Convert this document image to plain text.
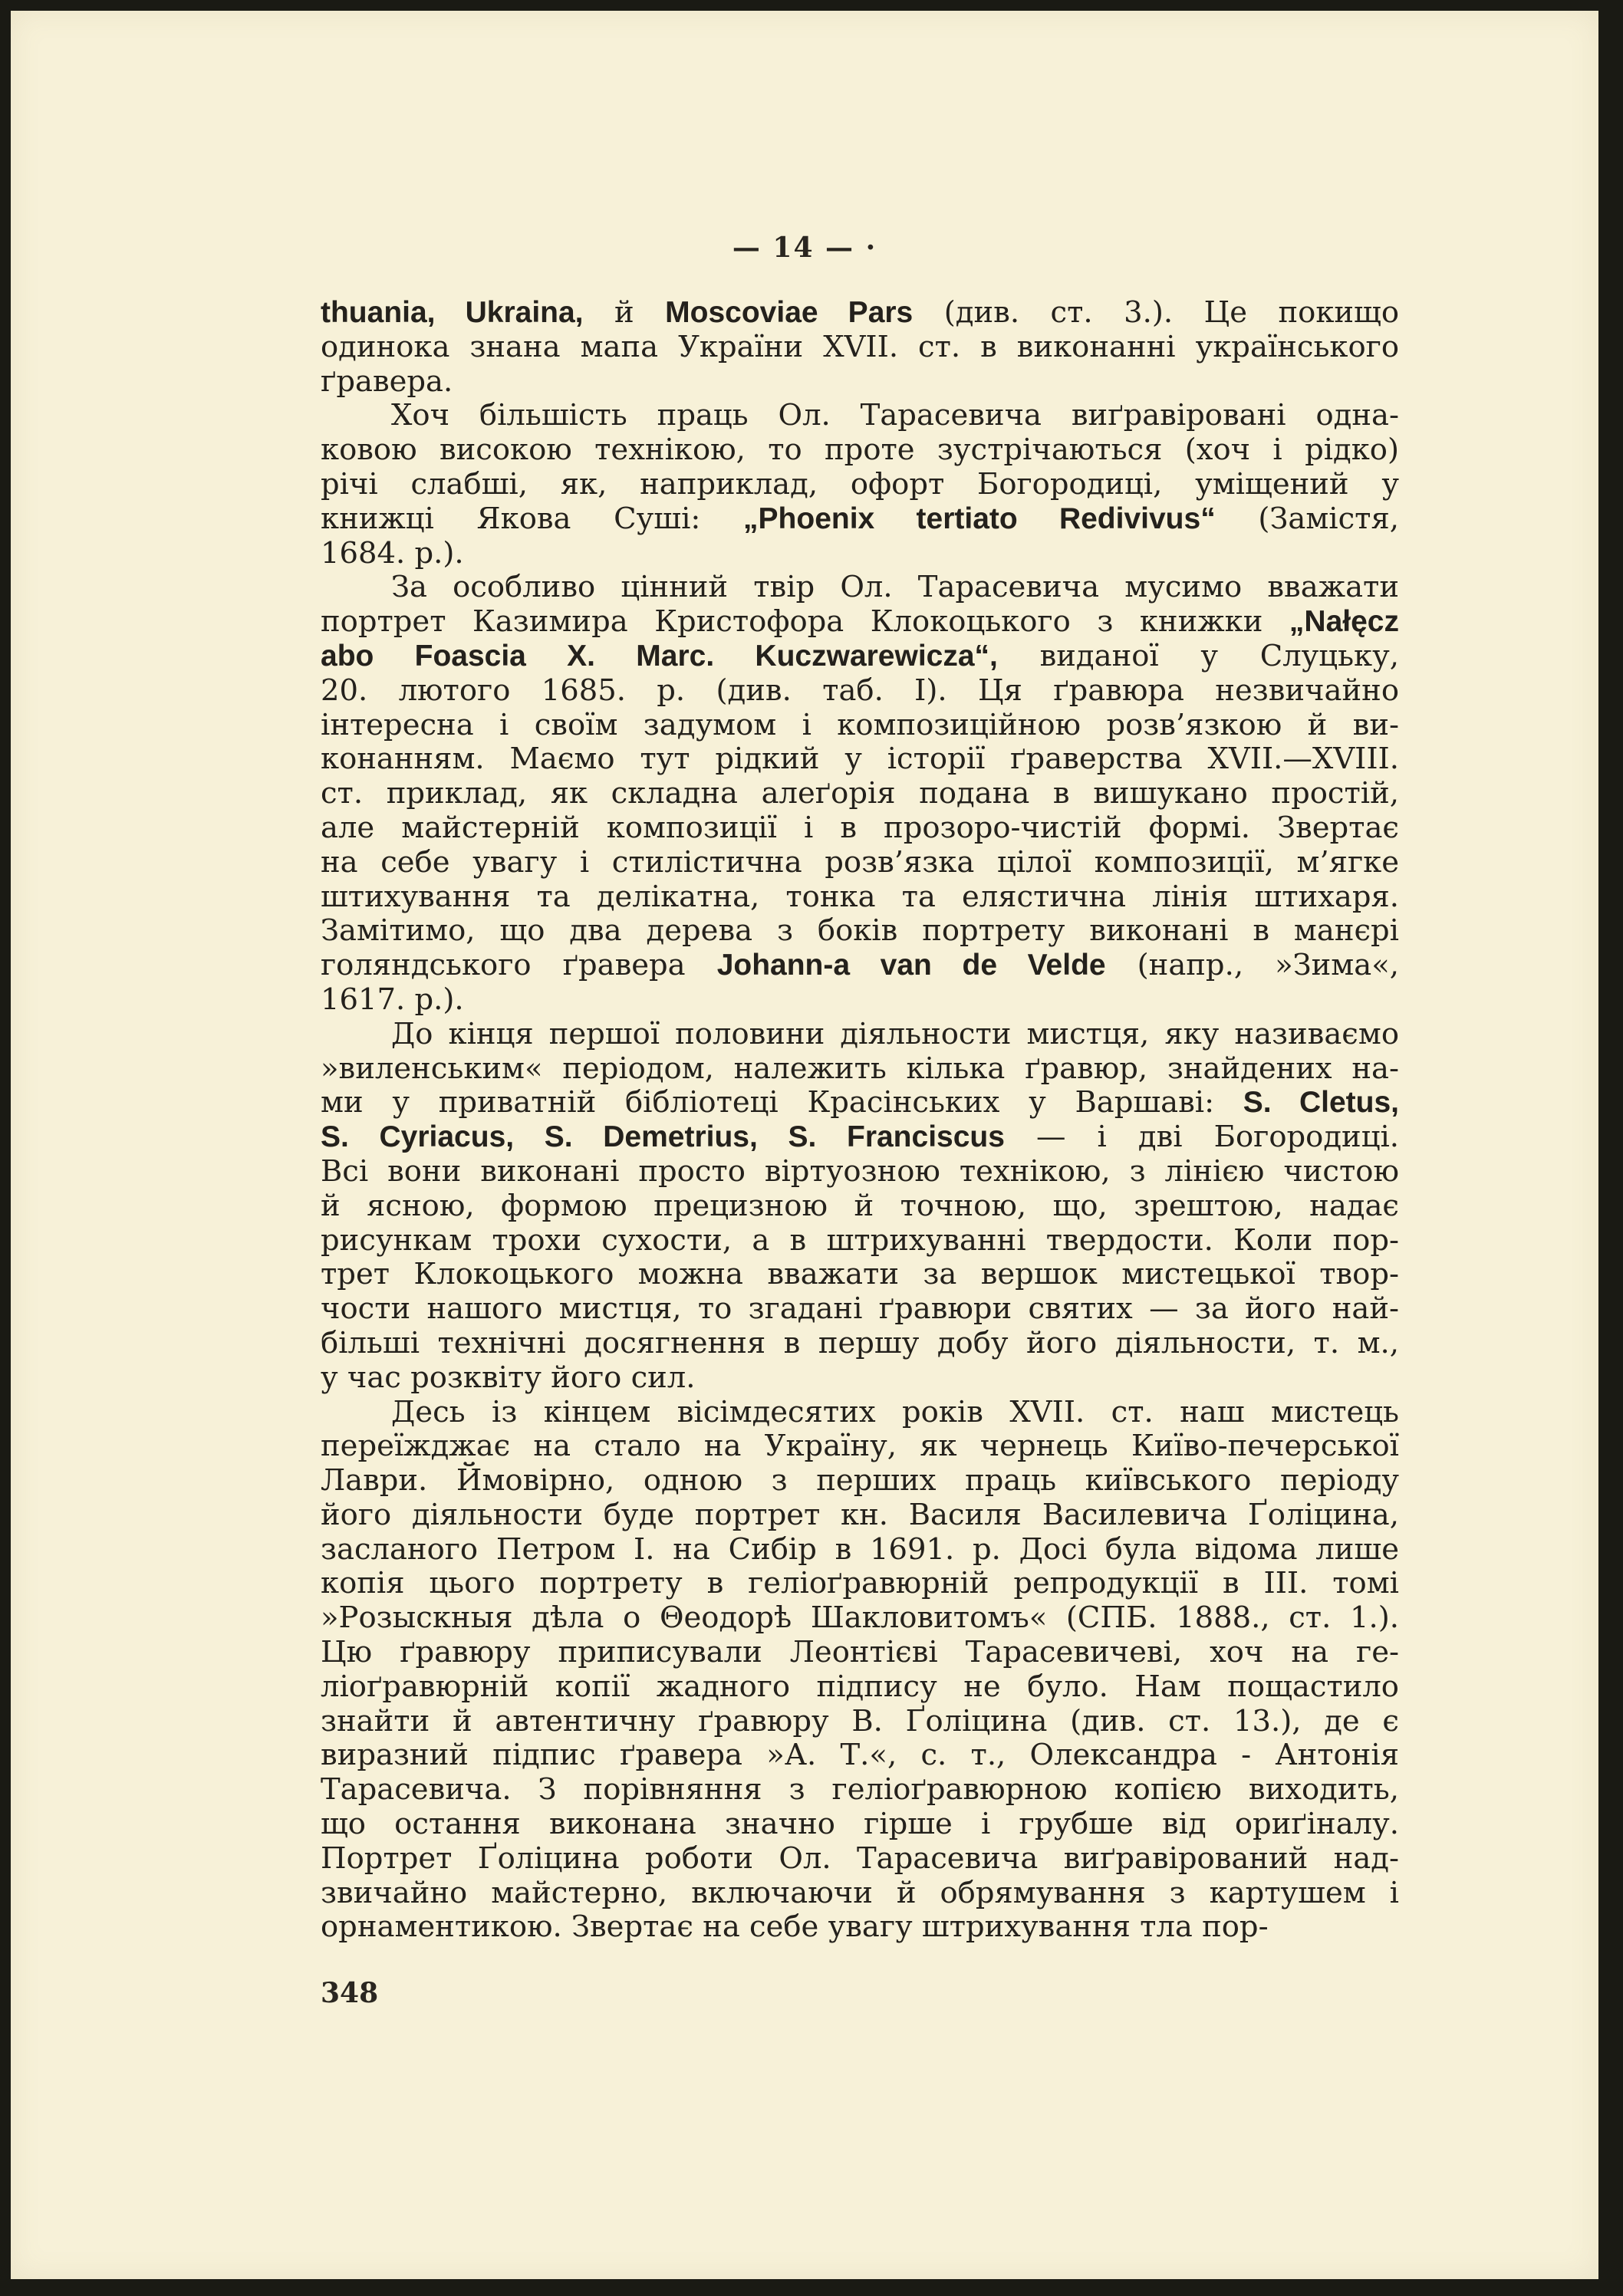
— 14 — ·
thuania, Ukraina, й Moscoviae Pars (див. ст. 3.). Це покищо
одинока знана мапа України XVII. ст. в виконанні українського
ґравера.
Хоч більшість праць Ол. Тарасевича виґравіровані одна-
ковою високою технікою, то проте зустрічаються (хоч і рідко)
річі слабші, як, наприклад, офорт Богородиці, уміщений у
книжці Якова Суші: „Phoenix tertiato Redivivus“ (Замістя,
1684. р.).
За особливо цінний твір Ол. Тарасевича мусимо вважати
портрет Казимира Кристофора Клокоцького з книжки „Nałęcz
abo Foascia X. Marc. Kuczwarewicza“, виданої у Слуцьку,
20. лютого 1685. р. (див. таб. I). Ця ґравюра незвичайно
інтересна і своїм задумом і композиційною розв’язкою й ви-
конанням. Маємо тут рідкий у історії ґраверства XVII.—XVIII.
ст. приклад, як складна алеґорія подана в вишукано простій,
але майстерній композиції і в прозоро-чистій формі. Звертає
на себе увагу і стилістична розв’язка цілої композиції, м’ягке
штихування та делікатна, тонка та елястична лінія штихаря.
Замітимо, що два дерева з боків портрету виконані в манєрі
голяндського ґравера Johann-a van de Velde (напр., »Зима«,
1617. р.).
До кінця першої половини діяльности мистця, яку називаємо
»виленським« періодом, належить кілька ґравюр, знайдених на-
ми у приватній бібліотеці Красінських у Варшаві: S. Cletus,
S. Cyriacus, S. Demetrius, S. Franciscus — і дві Богородиці.
Всі вони виконані просто віртуозною технікою, з лінією чистою
й ясною, формою прецизною й точною, що, зрештою, надає
рисункам трохи сухости, а в штрихуванні твердости. Коли пор-
трет Клокоцького можна вважати за вершок мистецької твор-
чости нашого мистця, то згадані ґравюри святих — за його най-
більші технічні досягнення в першу добу його діяльности, т. м.,
у час розквіту його сил.
Десь із кінцем вісімдесятих років XVII. ст. наш мистець
переїжджає на стало на Україну, як чернець Київо-печерської
Лаври. Ймовірно, одною з перших праць київського періоду
його діяльности буде портрет кн. Василя Василевича Ґоліцина,
засланого Петром I. на Сибір в 1691. р. Досі була відома лише
копія цього портрету в геліоґравюрній репродукції в III. томі
»Розыскныя дѣла о Θеодорѣ Шакловитомъ« (СПБ. 1888., ст. 1.).
Цю ґравюру приписували Леонтієві Тарасевичеві, хоч на ге-
ліоґравюрній копії жадного підпису не було. Нам пощастило
знайти й автентичну ґравюру В. Ґоліцина (див. ст. 13.), де є
виразний підпис ґравера »А. Т.«, с. т., Олександра - Антонія
Тарасевича. З порівняння з геліоґравюрною копією виходить,
що остання виконана значно гірше і грубше від ориґіналу.
Портрет Ґоліцина роботи Ол. Тарасевича виґравірований над-
звичайно майстерно, включаючи й обрямування з картушем і
орнаментикою. Звертає на себе увагу штрихування тла пор-
348
